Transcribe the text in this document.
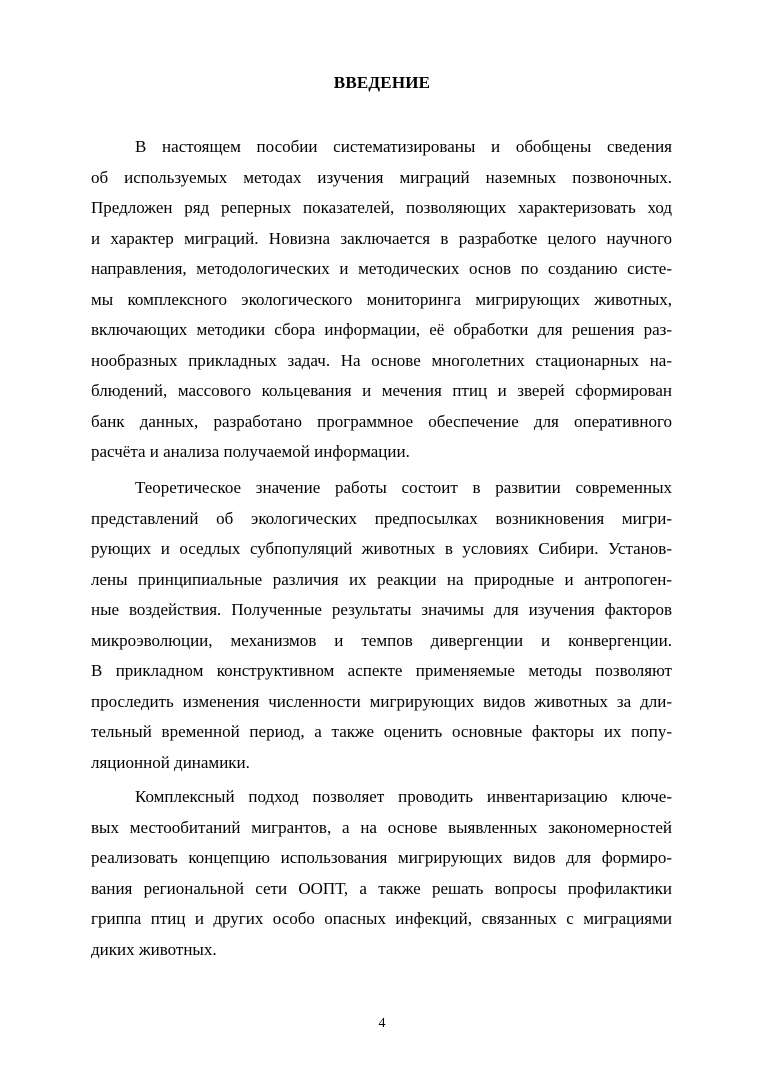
ВВЕДЕНИЕ
В настоящем пособии систематизированы и обобщены сведения
об используемых методах изучения миграций наземных позвоночных.
Предложен ряд реперных показателей, позволяющих характеризовать ход
и характер миграций. Новизна заключается в разработке целого научного
направления, методологических и методических основ по созданию систе-
мы комплексного экологического мониторинга мигрирующих животных,
включающих методики сбора информации, её обработки для решения раз-
нообразных прикладных задач. На основе многолетних стационарных на-
блюдений, массового кольцевания и мечения птиц и зверей сформирован
банк данных, разработано программное обеспечение для оперативного
расчёта и анализа получаемой информации.
Теоретическое значение работы состоит в развитии современных
представлений об экологических предпосылках возникновения мигри-
рующих и оседлых субпопуляций животных в условиях Сибири. Установ-
лены принципиальные различия их реакции на природные и антропоген-
ные воздействия. Полученные результаты значимы для изучения факторов
микроэволюции, механизмов и темпов дивергенции и конвергенции.
В прикладном конструктивном аспекте применяемые методы позволяют
проследить изменения численности мигрирующих видов животных за дли-
тельный временной период, а также оценить основные факторы их попу-
ляционной динамики.
Комплексный подход позволяет проводить инвентаризацию ключе-
вых местообитаний мигрантов, а на основе выявленных закономерностей
реализовать концепцию использования мигрирующих видов для формиро-
вания региональной сети ООПТ, а также решать вопросы профилактики
гриппа птиц и других особо опасных инфекций, связанных с миграциями
диких животных.
4
